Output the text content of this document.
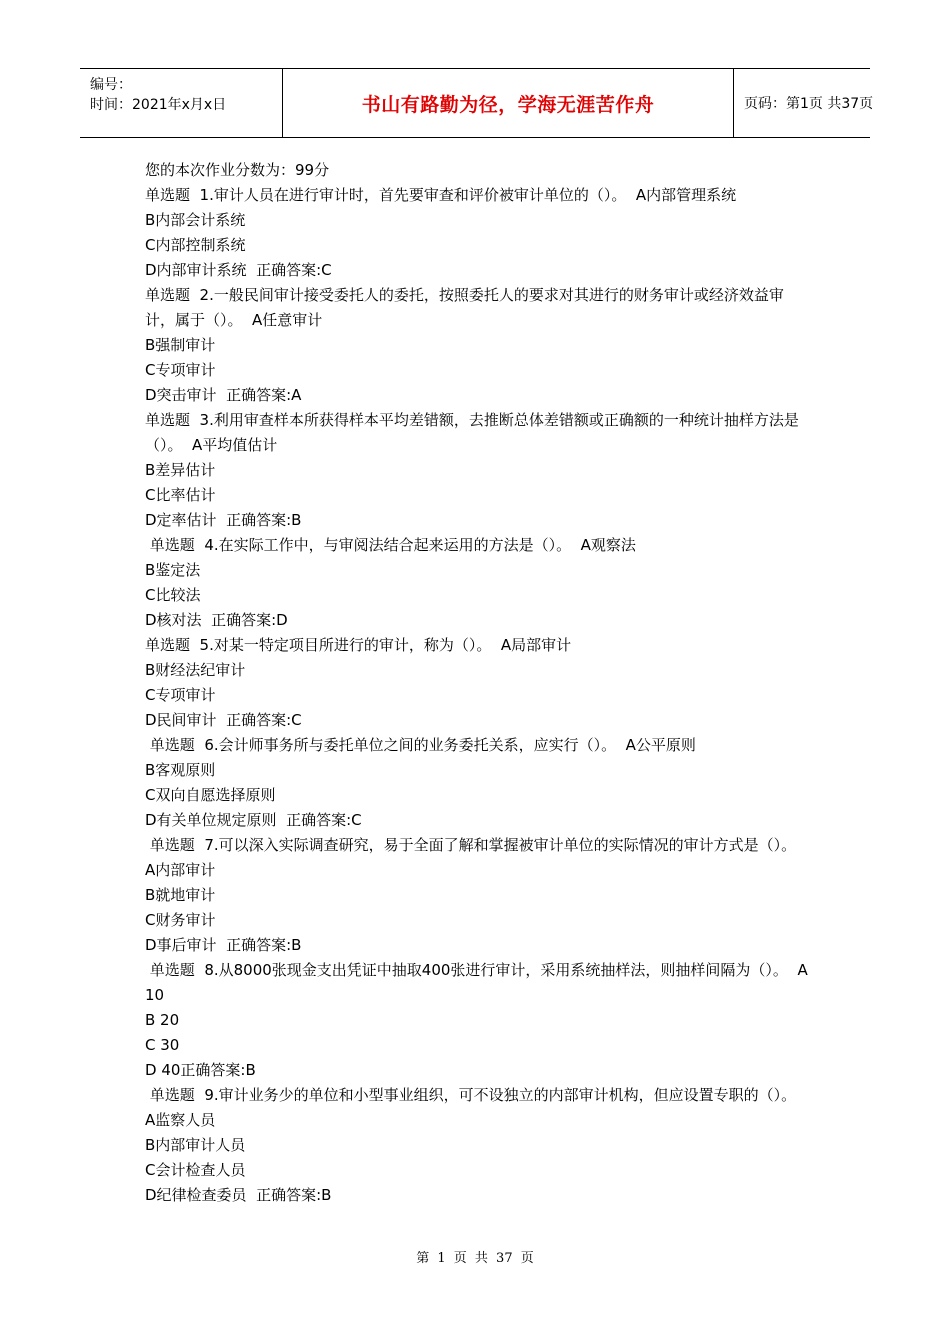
编号：
时间：2021年x月x日	书山有路勤为径，学海无涯苦作舟	页码：第1页 共37页

您的本次作业分数为：99分

单选题  1.审计人员在进行审计时，首先要审查和评价被审计单位的（）。  A内部管理系统

B内部会计系统

C内部控制系统

D内部审计系统  正确答案:C

单选题  2.一般民间审计接受委托人的委托，按照委托人的要求对其进行的财务审计或经济效益审计，属于（）。  A任意审计

B强制审计

C专项审计

D突击审计  正确答案:A

单选题  3.利用审查样本所获得样本平均差错额，去推断总体差错额或正确额的一种统计抽样方法是（）。  A平均值估计

B差异估计

C比率估计

D定率估计  正确答案:B

单选题  4.在实际工作中，与审阅法结合起来运用的方法是（）。  A观察法

B鉴定法

C比较法

D核对法  正确答案:D

单选题  5.对某一特定项目所进行的审计，称为（）。  A局部审计

B财经法纪审计

C专项审计

D民间审计  正确答案:C

单选题  6.会计师事务所与委托单位之间的业务委托关系，应实行（）。  A公平原则

B客观原则

C双向自愿选择原则

D有关单位规定原则  正确答案:C

单选题  7.可以深入实际调查研究，易于全面了解和掌握被审计单位的实际情况的审计方式是（）。  A内部审计

B就地审计

C财务审计

D事后审计  正确答案:B

单选题  8.从8000张现金支出凭证中抽取400张进行审计，采用系统抽样法，则抽样间隔为（）。  A 10

B 20

C 30

D 40正确答案:B

单选题  9.审计业务少的单位和小型事业组织，可不设独立的内部审计机构，但应设置专职的（）。  A监察人员

B内部审计人员

C会计检查人员

D纪律检查委员  正确答案:B

第 1 页 共 37 页
